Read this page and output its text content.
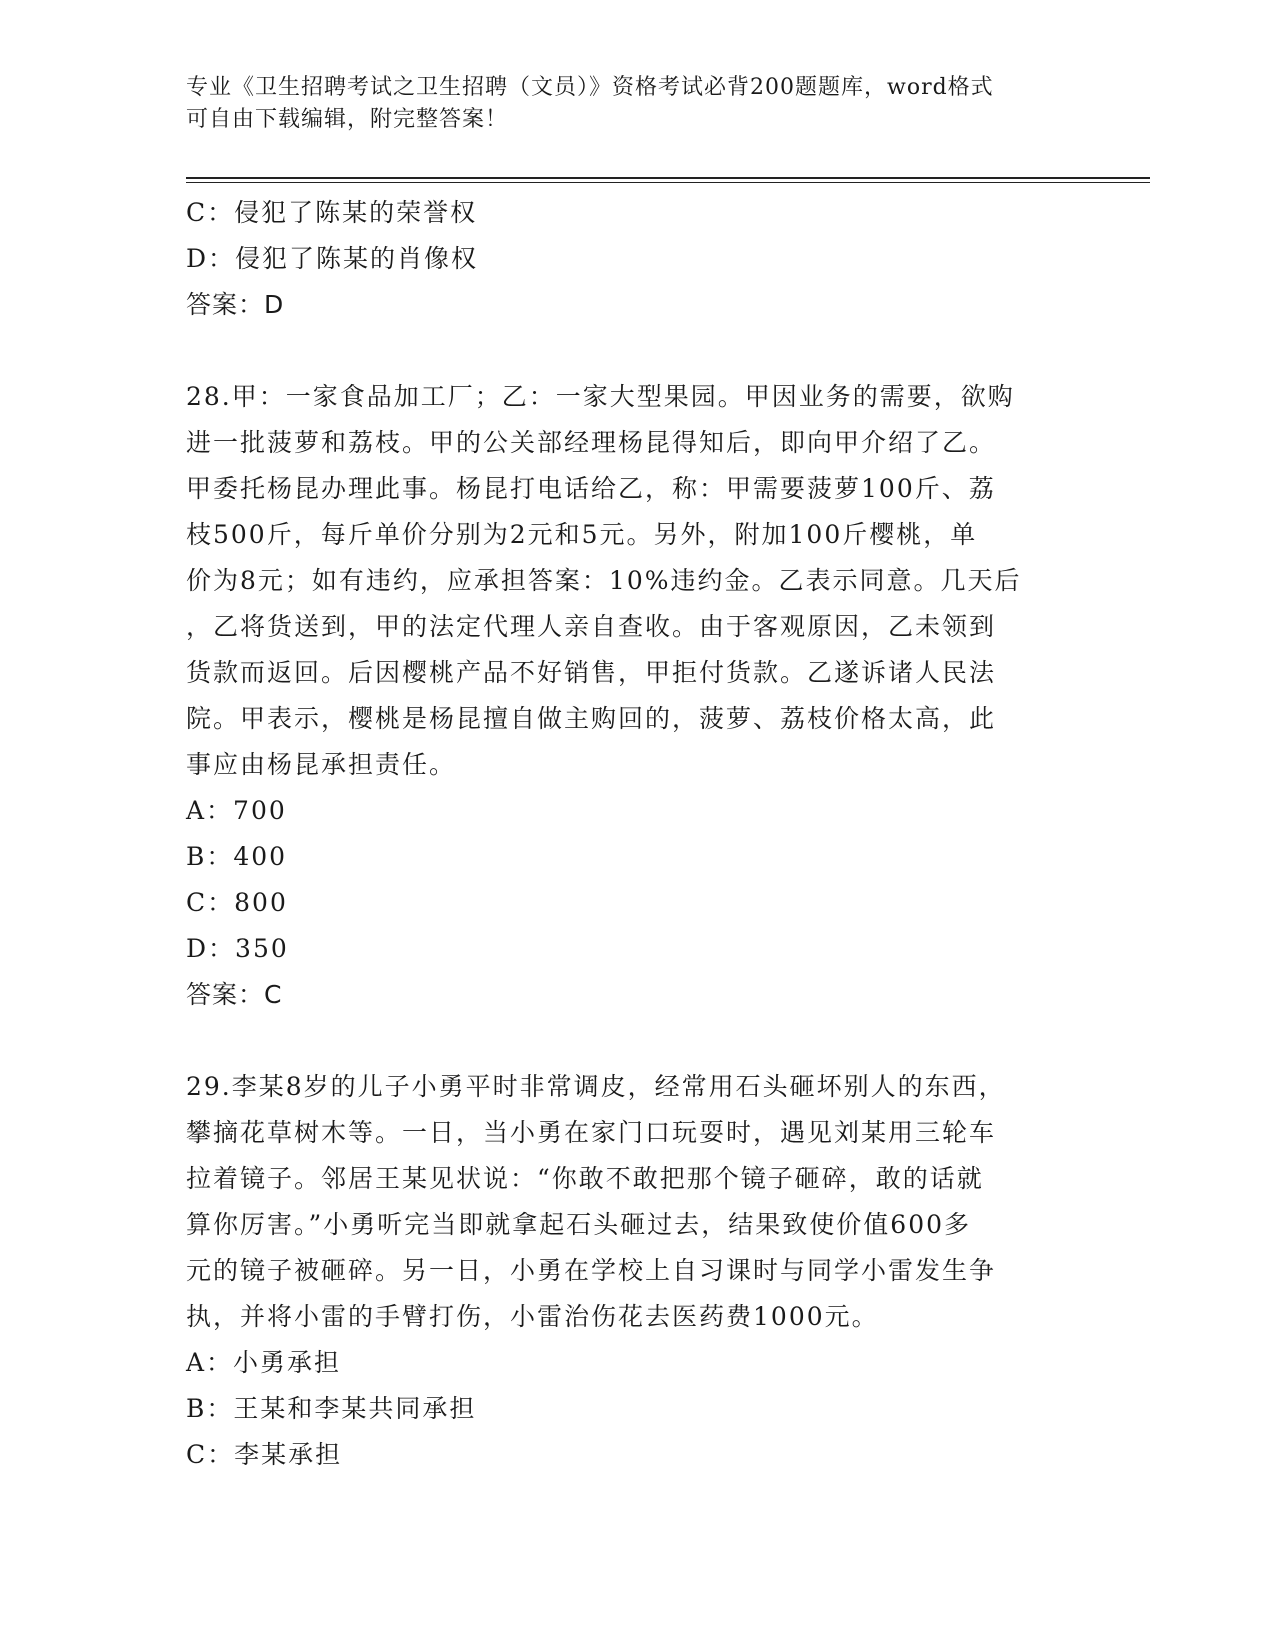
专业《卫生招聘考试之卫生招聘（文员）》资格考试必背200题题库，word格式
可自由下载编辑，附完整答案！
C：侵犯了陈某的荣誉权
D：侵犯了陈某的肖像权
答案：D
28.甲：一家食品加工厂；乙：一家大型果园。甲因业务的需要，欲购
进一批菠萝和荔枝。甲的公关部经理杨昆得知后，即向甲介绍了乙。
甲委托杨昆办理此事。杨昆打电话给乙，称：甲需要菠萝100斤、荔
枝500斤，每斤单价分别为2元和5元。另外，附加100斤樱桃，单
价为8元；如有违约，应承担答案：10%违约金。乙表示同意。几天后
，乙将货送到，甲的法定代理人亲自查收。由于客观原因，乙未领到
货款而返回。后因樱桃产品不好销售，甲拒付货款。乙遂诉诸人民法
院。甲表示，樱桃是杨昆擅自做主购回的，菠萝、荔枝价格太高，此
事应由杨昆承担责任。
A：700
B：400
C：800
D：350
答案：C
29.李某8岁的儿子小勇平时非常调皮，经常用石头砸坏别人的东西，
攀摘花草树木等。一日，当小勇在家门口玩耍时，遇见刘某用三轮车
拉着镜子。邻居王某见状说：“你敢不敢把那个镜子砸碎，敢的话就
算你厉害。”小勇听完当即就拿起石头砸过去，结果致使价值600多
元的镜子被砸碎。另一日，小勇在学校上自习课时与同学小雷发生争
执，并将小雷的手臂打伤，小雷治伤花去医药费1000元。
A：小勇承担
B：王某和李某共同承担
C：李某承担
